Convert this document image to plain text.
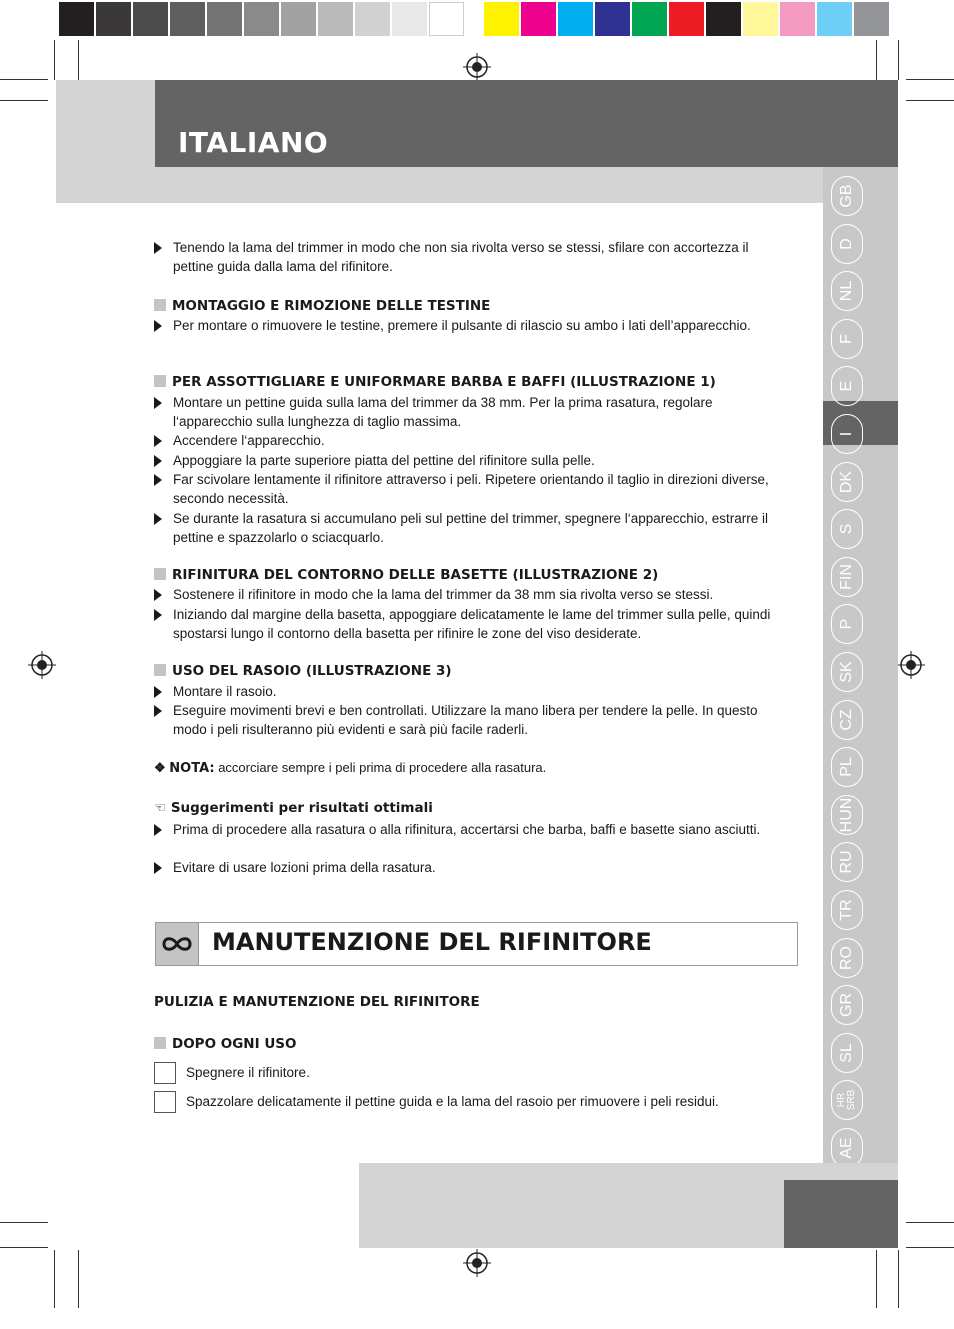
ITALIANO
GB
D
NL
F
E
I
DK
S
FIN
P
SK
CZ
PL
HUN
RU
TR
RO
GR
SL
HR SRB
AE
Tenendo la lama del trimmer in modo che non sia rivolta verso se stessi, sfilare con accortezza il pettine guida dalla lama del rifinitore.
MONTAGGIO E RIMOZIONE DELLE TESTINE
Per montare o rimuovere le testine, premere il pulsante di rilascio su ambo i lati dell’apparecchio.
PER ASSOTTIGLIARE E UNIFORMARE BARBA E BAFFI (ILLUSTRAZIONE 1)
Montare un pettine guida sulla lama del trimmer da 38 mm. Per la prima rasatura, regolare l‘apparecchio sulla lunghezza di taglio massima.
Accendere l‘apparecchio.
Appoggiare la parte superiore piatta del pettine del rifinitore sulla pelle.
Far scivolare lentamente il rifinitore attraverso i peli. Ripetere orientando il taglio in direzioni diverse, secondo necessità.
Se durante la rasatura si accumulano peli sul pettine del trimmer, spegnere l‘apparecchio, estrarre il pettine e spazzolarlo o sciacquarlo.
RIFINITURA DEL CONTORNO DELLE BASETTE (ILLUSTRAZIONE 2)
Sostenere il rifinitore in modo che la lama del trimmer da 38 mm sia rivolta verso se stessi.
Iniziando dal margine della basetta, appoggiare delicatamente le lame del trimmer sulla pelle, quindi spostarsi lungo il contorno della basetta per rifinire le zone del viso desiderate.
USO DEL RASOIO (ILLUSTRAZIONE 3)
Montare il rasoio.
Eseguire movimenti brevi e ben controllati. Utilizzare la mano libera per tendere la pelle. In questo modo i peli risulteranno più evidenti e sarà più facile raderli.
❖ NOTA: accorciare sempre i peli prima di procedere alla rasatura.
☜ Suggerimenti per risultati ottimali
Prima di procedere alla rasatura o alla rifinitura, accertarsi che barba, baffi e basette siano asciutti.
Evitare di usare lozioni prima della rasatura.
MANUTENZIONE DEL RIFINITORE
PULIZIA E MANUTENZIONE DEL RIFINITORE
DOPO OGNI USO
Spegnere il rifinitore.
Spazzolare delicatamente il pettine guida e la lama del rasoio per rimuovere i peli residui.
